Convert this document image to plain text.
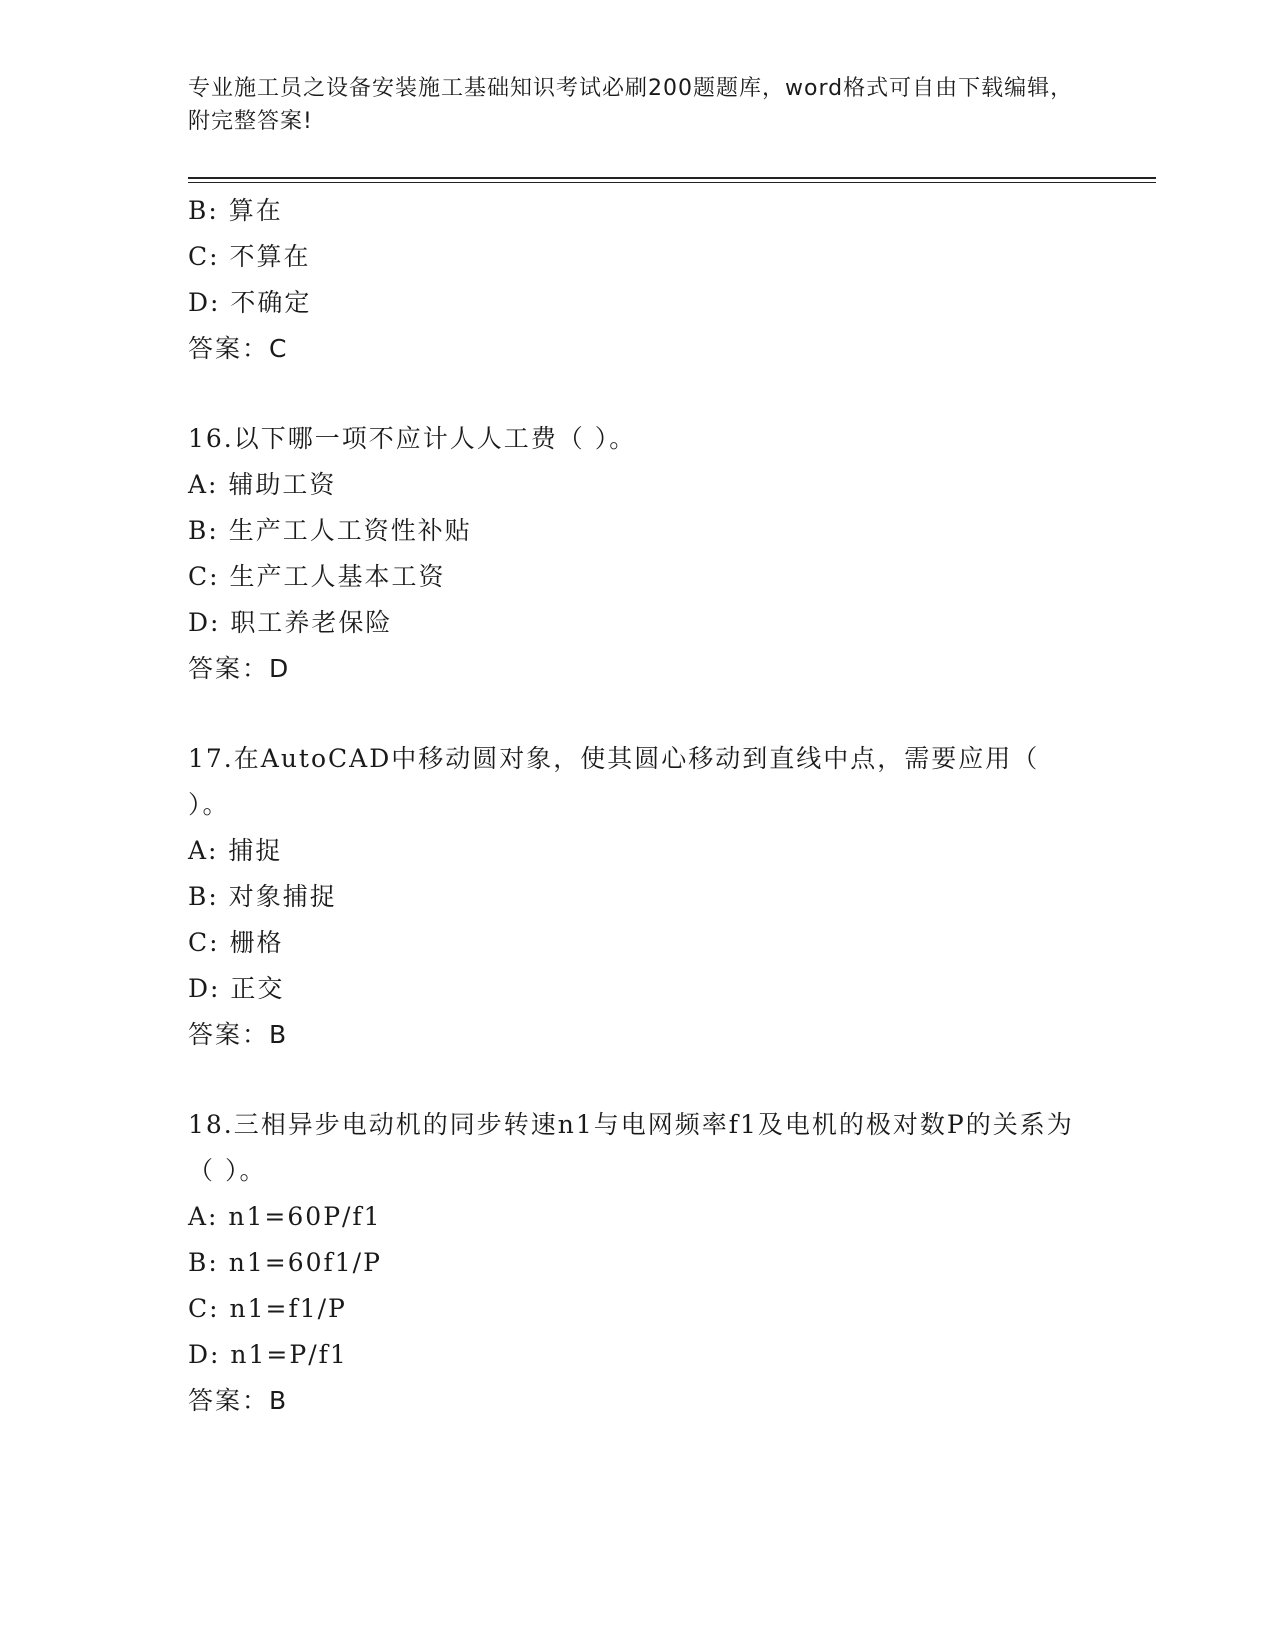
专业施工员之设备安装施工基础知识考试必刷200题题库，word格式可自由下载编辑，附完整答案!
B: 算在
C: 不算在
D: 不确定
答案：C
16.以下哪一项不应计人人工费（ ）。
A: 辅助工资
B: 生产工人工资性补贴
C: 生产工人基本工资
D: 职工养老保险
答案：D
17.在AutoCAD中移动圆对象，使其圆心移动到直线中点，需要应用（ ）。
A: 捕捉
B: 对象捕捉
C: 栅格
D: 正交
答案：B
18.三相异步电动机的同步转速n1与电网频率f1及电机的极对数P的关系为（ ）。
A: n1=60P/f1
B: n1=60f1/P
C: n1=f1/P
D: n1=P/f1
答案：B
